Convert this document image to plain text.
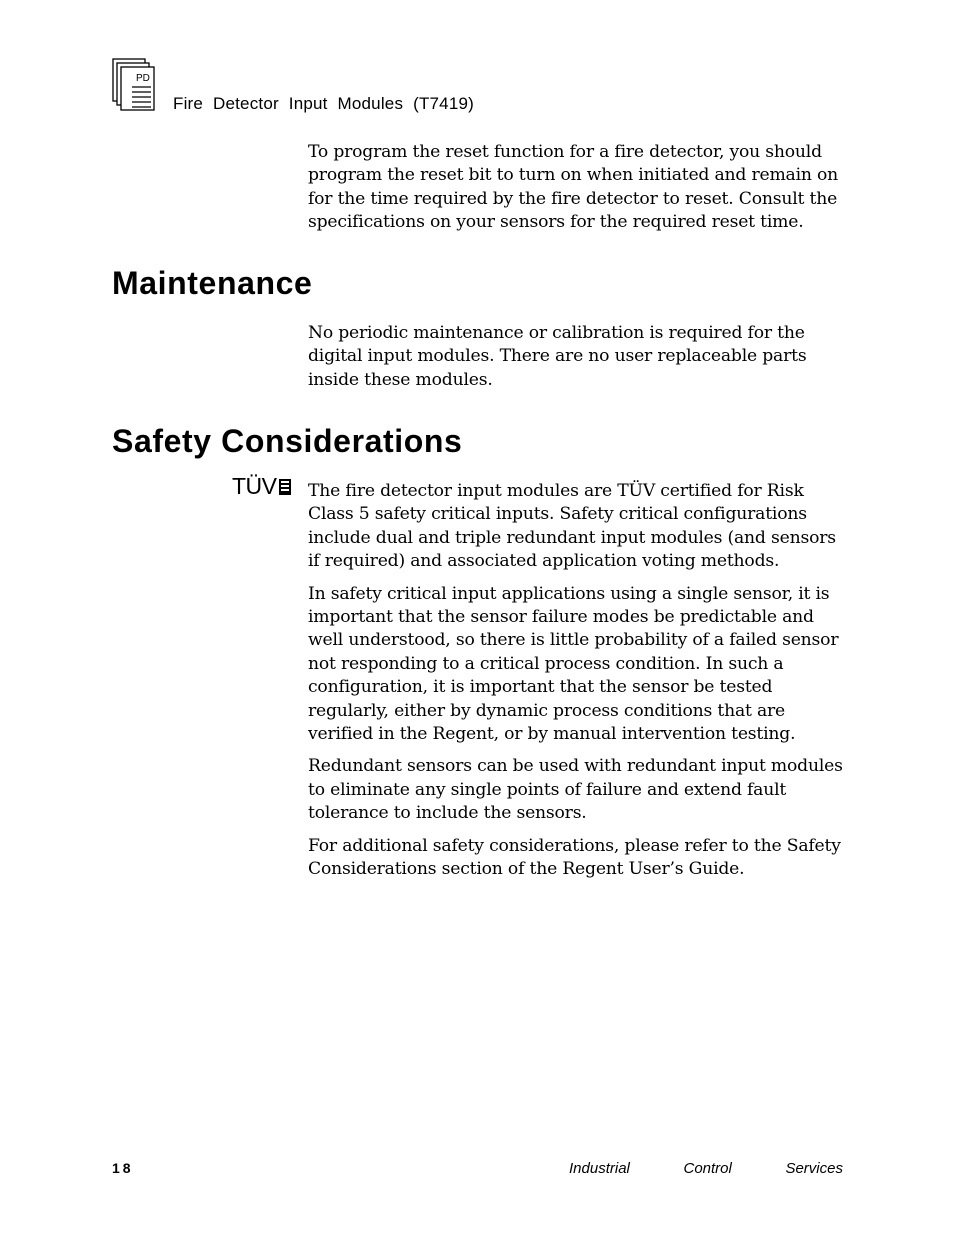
PD
Fire Detector Input Modules (T7419)

To program the reset function for a fire detector, you should program the reset bit to turn on when initiated and remain on for the time required by the fire detector to reset. Consult the specifications on your sensors for the required reset time.

Maintenance

No periodic maintenance or calibration is required for the digital input modules. There are no user replaceable parts inside these modules.

Safety Considerations
TÜV	The fire detector input modules are TÜV certified for Risk Class 5 safety critical inputs. Safety critical configurations include dual and triple redundant input modules (and sensors if required) and associated application voting methods.

In safety critical input applications using a single sensor, it is important that the sensor failure modes be predictable and well understood, so there is little probability of a failed sensor not responding to a critical process condition. In such a configuration, it is important that the sensor be tested regularly, either by dynamic process conditions that are verified in the Regent, or by manual intervention testing.

Redundant sensors can be used with redundant input modules to eliminate any single points of failure and extend fault tolerance to include the sensors.

For additional safety considerations, please refer to the Safety Considerations section of the Regent User’s Guide.

18	Industrial	Control	Services
